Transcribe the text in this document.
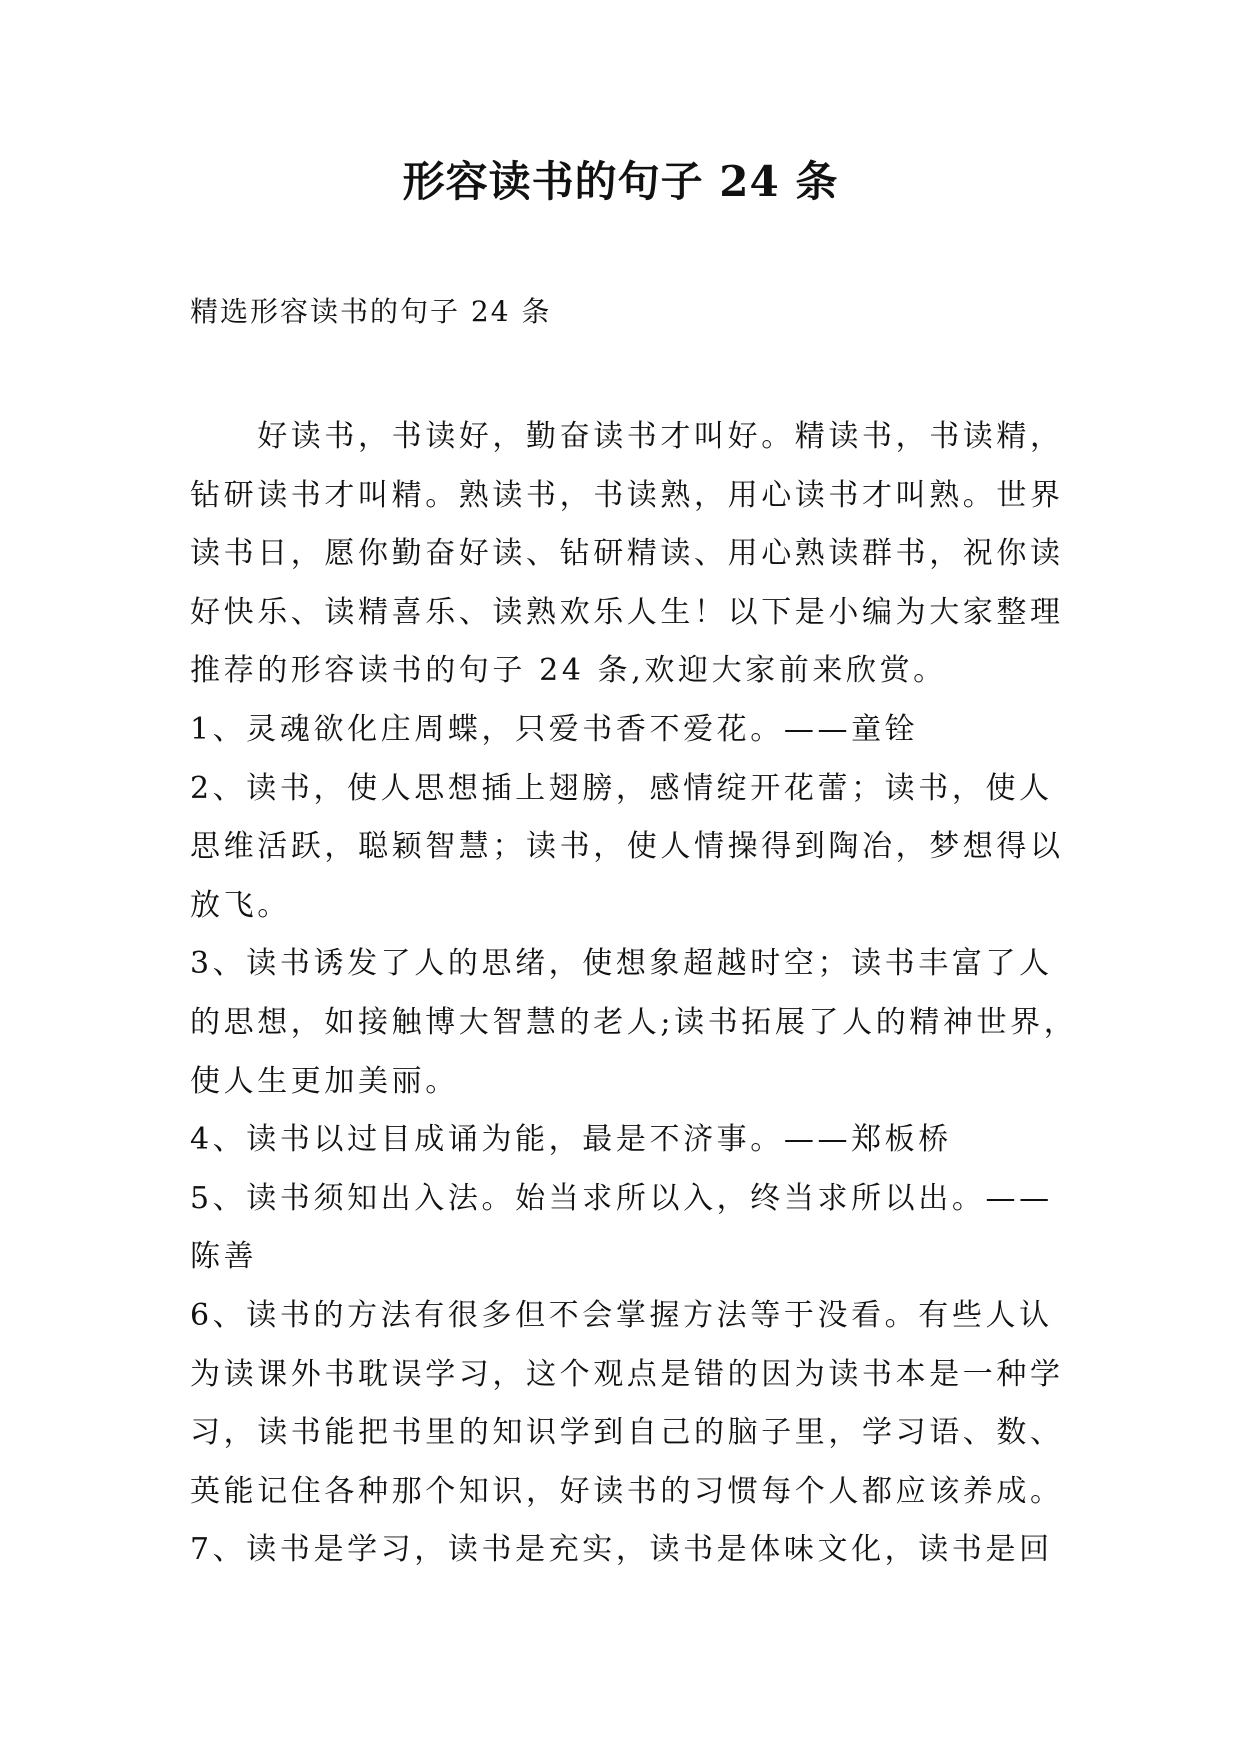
形容读书的句子 24 条

精选形容读书的句子 24 条

　　好读书，书读好，勤奋读书才叫好。精读书，书读精，
钻研读书才叫精。熟读书，书读熟，用心读书才叫熟。世界
读书日，愿你勤奋好读、钻研精读、用心熟读群书，祝你读
好快乐、读精喜乐、读熟欢乐人生！以下是小编为大家整理
推荐的形容读书的句子 24 条,欢迎大家前来欣赏。
1、灵魂欲化庄周蝶，只爱书香不爱花。——童铨
2、读书，使人思想插上翅膀，感情绽开花蕾；读书，使人
思维活跃，聪颖智慧；读书，使人情操得到陶冶，梦想得以
放飞。
3、读书诱发了人的思绪，使想象超越时空；读书丰富了人
的思想，如接触博大智慧的老人;读书拓展了人的精神世界，
使人生更加美丽。
4、读书以过目成诵为能，最是不济事。——郑板桥
5、读书须知出入法。始当求所以入，终当求所以出。——
陈善
6、读书的方法有很多但不会掌握方法等于没看。有些人认
为读课外书耽误学习，这个观点是错的因为读书本是一种学
习，读书能把书里的知识学到自己的脑子里，学习语、数、
英能记住各种那个知识，好读书的习惯每个人都应该养成。
7、读书是学习，读书是充实，读书是体味文化，读书是回
